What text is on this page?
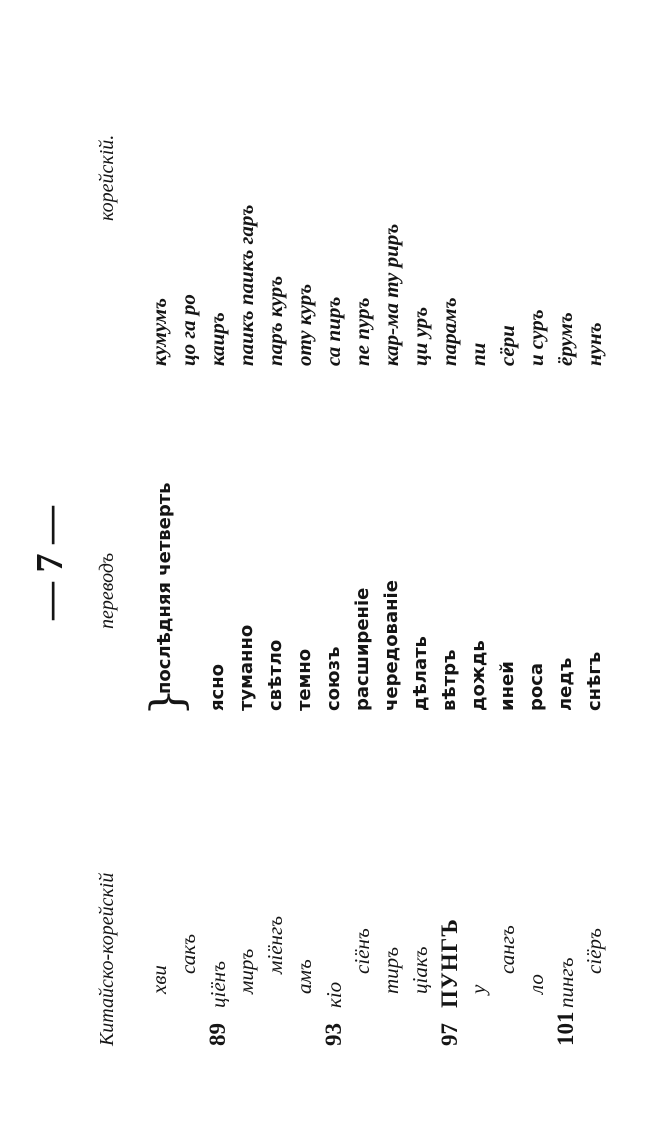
— 7 —
Китайско-корейскій
переводъ
корейскій.
хви
сакъ
89цiёнъ миръ мiёнгъ
амъ
93кiо
сiёнъ тиръ цiакъ
97ПУНГЪ у
сангъ
ло
101пингъ
сiёръ
ясно туманно свѣтло темно союзъ расширеніе чередованіе дѣлать вѣтръ дождь иней роса ледъ снѣгъ
кумумъ цо га ро каиръ паикъ паикъ гаръ паръ куръ оту куръ са пиръ пе пуръ кар-ма ту риръ ци уръ парамъ пи сёри и суръ ёрумъ нунъ
}
послѣдняя четверть
